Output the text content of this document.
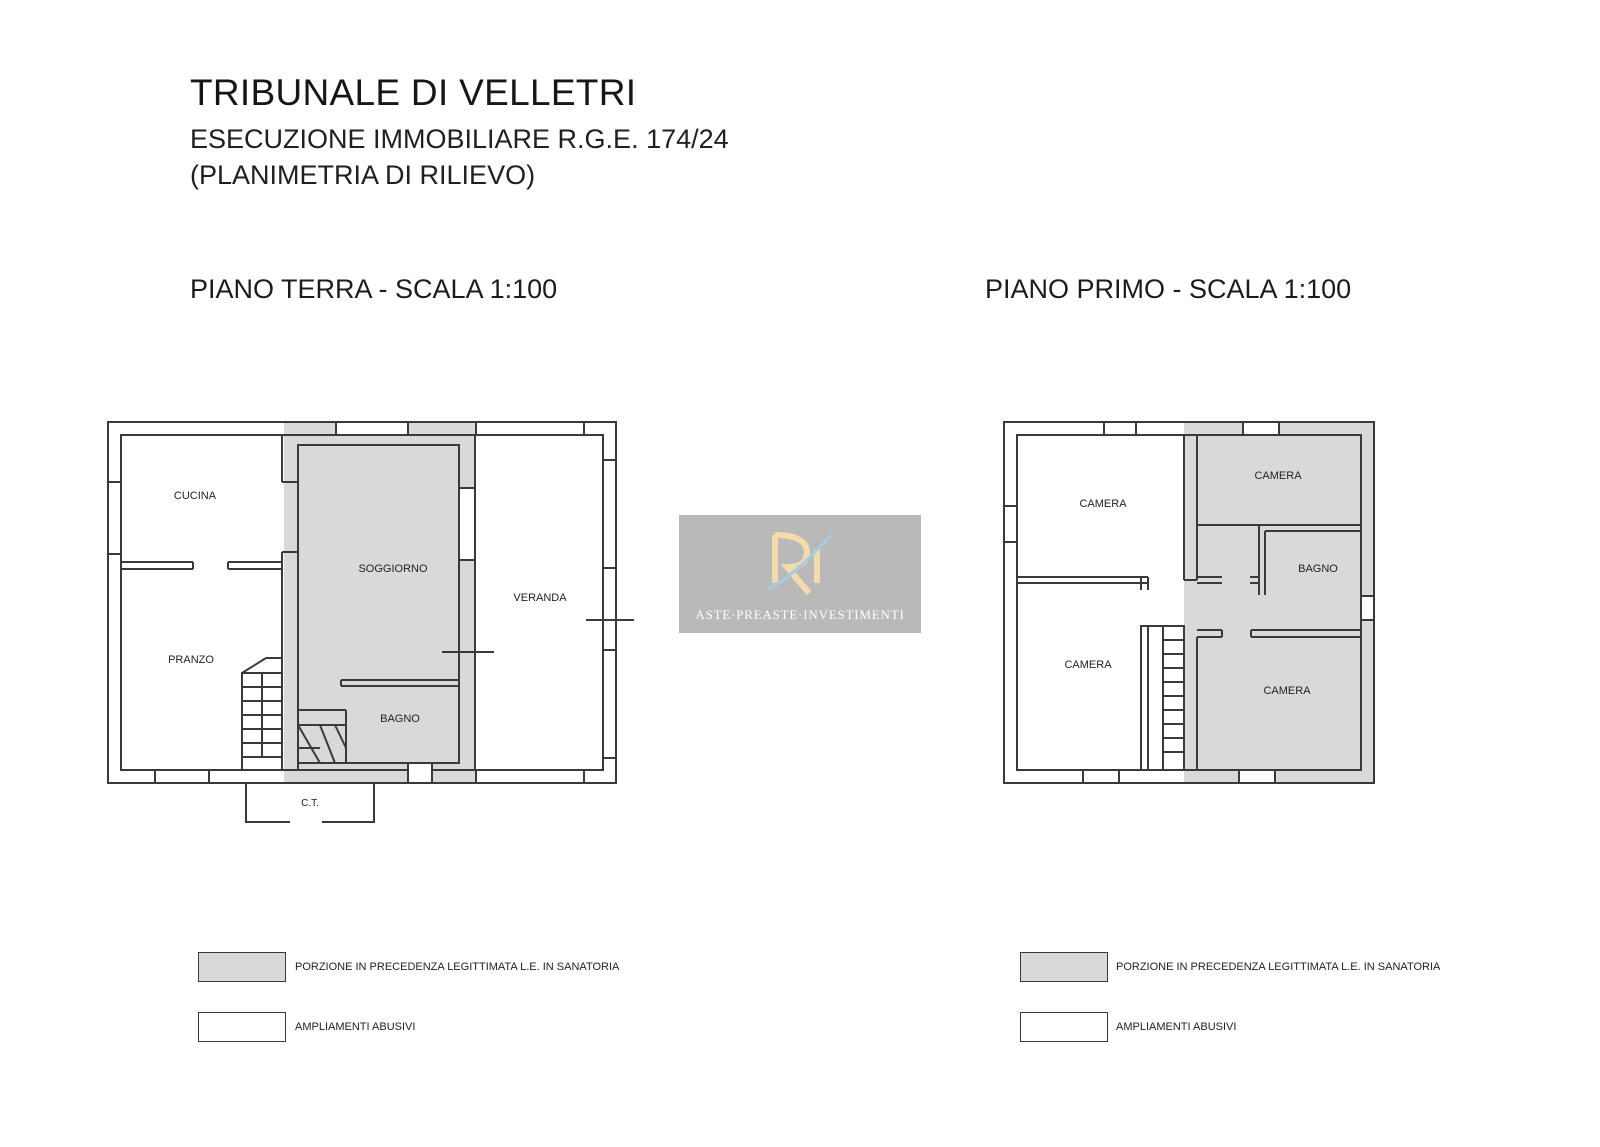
TRIBUNALE DI VELLETRI
ESECUZIONE IMMOBILIARE R.G.E. 174/24
(PLANIMETRIA DI RILIEVO)
PIANO TERRA - SCALA 1:100	PIANO PRIMO - SCALA 1:100
CUCINA
SOGGIORNO
VERANDA
PRANZO
BAGNO
C.T.
CAMERA
CAMERA
BAGNO
CAMERA
CAMERA
ASTE·PREASTE·INVESTIMENTI
PORZIONE IN PRECEDENZA LEGITTIMATA L.E. IN SANATORIA
AMPLIAMENTI ABUSIVI
PORZIONE IN PRECEDENZA LEGITTIMATA L.E. IN SANATORIA
AMPLIAMENTI ABUSIVI
